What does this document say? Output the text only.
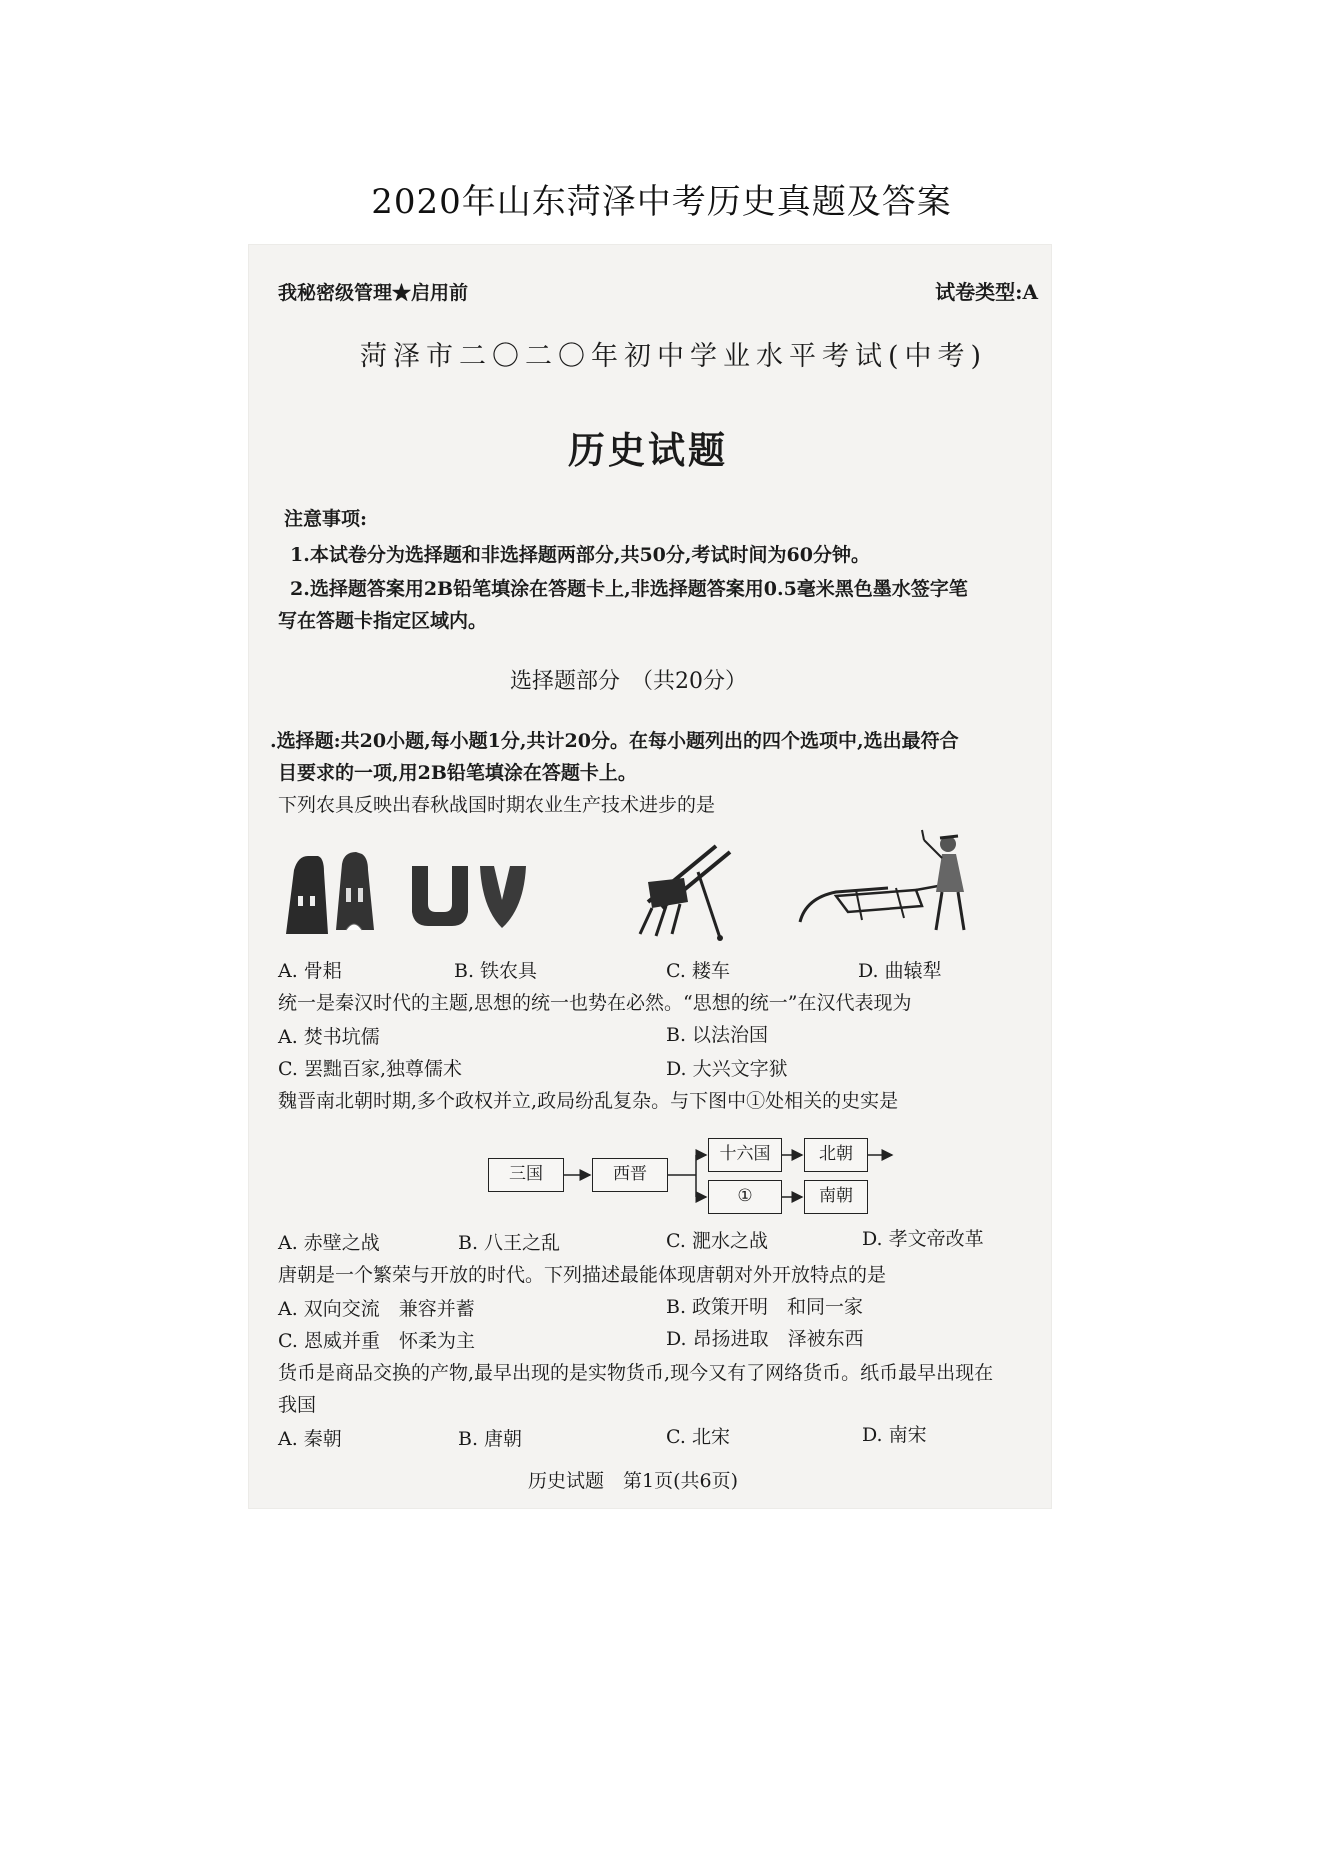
2020年山东菏泽中考历史真题及答案
我秘密级管理★启用前	试卷类型:A
菏泽市二〇二〇年初中学业水平考试(中考)
历史试题
注意事项:
1.本试卷分为选择题和非选择题两部分,共50分,考试时间为60分钟。
2.选择题答案用2B铅笔填涂在答题卡上,非选择题答案用0.5毫米黑色墨水签字笔
写在答题卡指定区域内。
选择题部分　（共20分）
.选择题:共20小题,每小题1分,共计20分。在每小题列出的四个选项中,选出最符合
目要求的一项,用2B铅笔填涂在答题卡上。
下列农具反映出春秋战国时期农业生产技术进步的是
A. 骨耜	B. 铁农具	C. 耧车	D. 曲辕犁
统一是秦汉时代的主题,思想的统一也势在必然。“思想的统一”在汉代表现为
A. 焚书坑儒	B. 以法治国
C. 罢黜百家,独尊儒术	D. 大兴文字狱
魏晋南北朝时期,多个政权并立,政局纷乱复杂。与下图中①处相关的史实是
三国	西晋
十六国
①
北朝
南朝
A. 赤壁之战	B. 八王之乱	C. 淝水之战	D. 孝文帝改革
唐朝是一个繁荣与开放的时代。下列描述最能体现唐朝对外开放特点的是
A. 双向交流　兼容并蓄	B. 政策开明　和同一家
C. 恩威并重　怀柔为主	D. 昂扬进取　泽被东西
货币是商品交换的产物,最早出现的是实物货币,现今又有了网络货币。纸币最早出现在
我国
A. 秦朝	B. 唐朝	C. 北宋	D. 南宋
历史试题　第1页(共6页)
